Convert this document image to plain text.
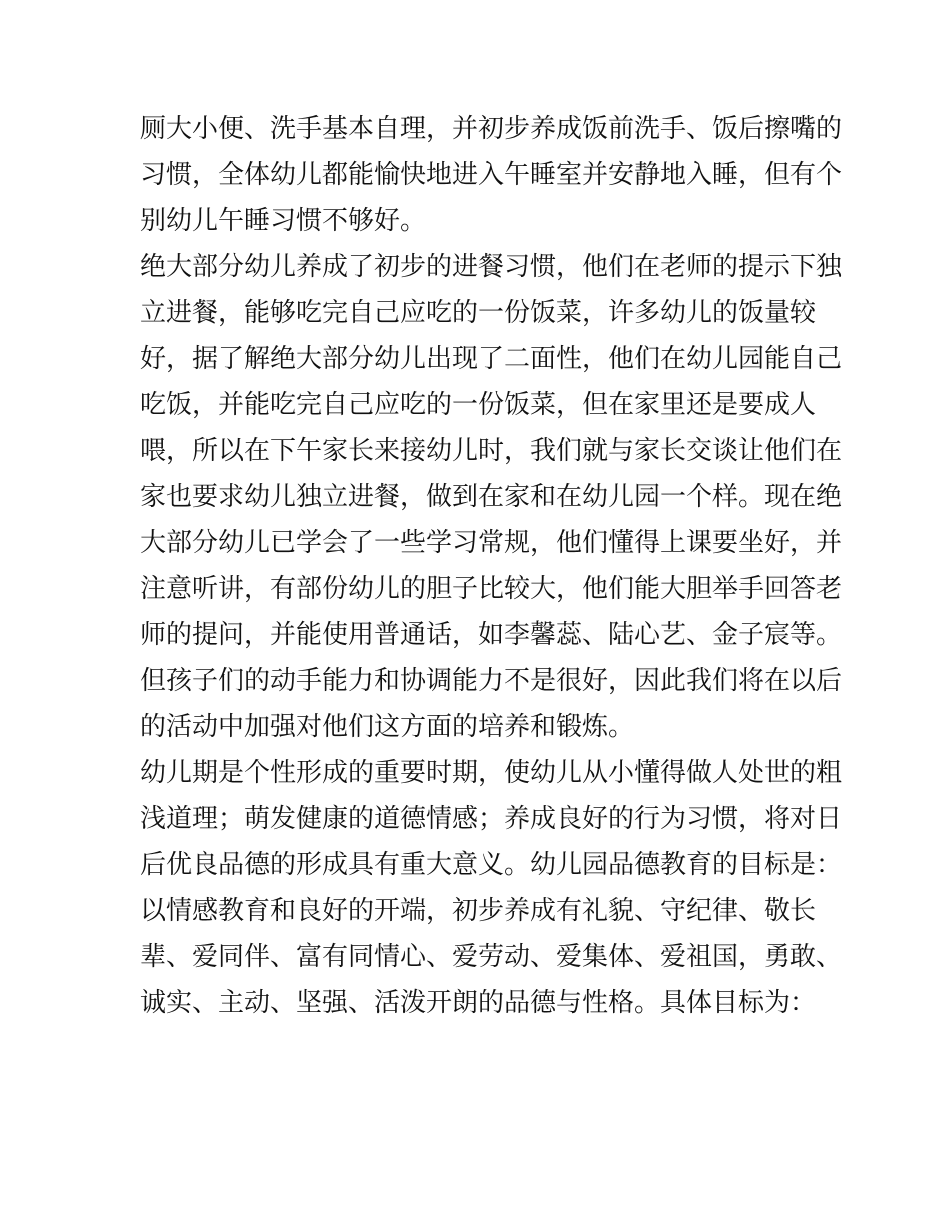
厕大小便、洗手基本自理，并初步养成饭前洗手、饭后擦嘴的
习惯，全体幼儿都能愉快地进入午睡室并安静地入睡，但有个
别幼儿午睡习惯不够好。
绝大部分幼儿养成了初步的进餐习惯，他们在老师的提示下独
立进餐，能够吃完自己应吃的一份饭菜，许多幼儿的饭量较
好，据了解绝大部分幼儿出现了二面性，他们在幼儿园能自己
吃饭，并能吃完自己应吃的一份饭菜，但在家里还是要成人
喂，所以在下午家长来接幼儿时，我们就与家长交谈让他们在
家也要求幼儿独立进餐，做到在家和在幼儿园一个样。现在绝
大部分幼儿已学会了一些学习常规，他们懂得上课要坐好，并
注意听讲，有部份幼儿的胆子比较大，他们能大胆举手回答老
师的提问，并能使用普通话，如李馨蕊、陆心艺、金子宸等。
但孩子们的动手能力和协调能力不是很好，因此我们将在以后
的活动中加强对他们这方面的培养和锻炼。
幼儿期是个性形成的重要时期，使幼儿从小懂得做人处世的粗
浅道理；萌发健康的道德情感；养成良好的行为习惯，将对日
后优良品德的形成具有重大意义。幼儿园品德教育的目标是：
以情感教育和良好的开端，初步养成有礼貌、守纪律、敬长
辈、爱同伴、富有同情心、爱劳动、爱集体、爱祖国，勇敢、
诚实、主动、坚强、活泼开朗的品德与性格。具体目标为：
